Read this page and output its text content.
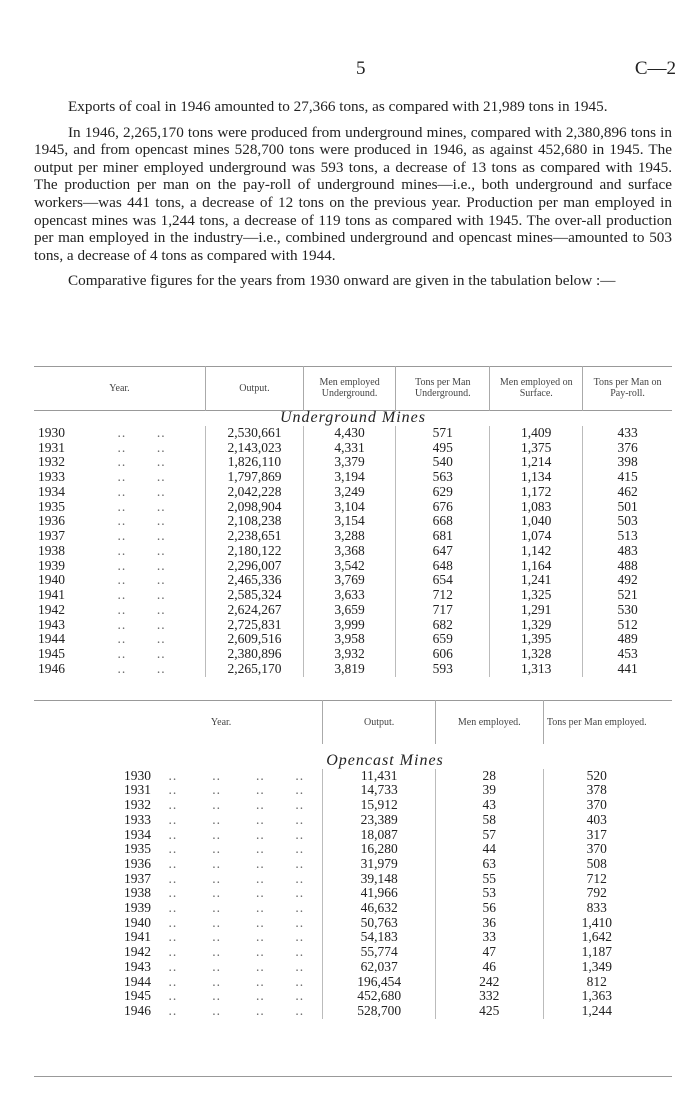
5	C—2

Exports of coal in 1946 amounted to 27,366 tons, as compared with 21,989 tons in 1945.

In 1946, 2,265,170 tons were produced from underground mines, compared with 2,380,896 tons in 1945, and from opencast mines 528,700 tons were produced in 1946, as against 452,680 in 1945. The output per miner employed underground was 593 tons, a decrease of 13 tons as compared with 1945. The production per man on the pay-roll of underground mines—i.e., both underground and surface workers—was 441 tons, a decrease of 12 tons on the previous year. Production per man employed in opencast mines was 1,244 tons, a decrease of 119 tons as compared with 1945. The over-all production per man employed in the industry—i.e., combined underground and opencast mines—amounted to 503 tons, a decrease of 4 tons as compared with 1944.

Comparative figures for the years from 1930 onward are given in the tabulation below :—

Year.	Output.	Men employed Underground.	Tons per Man Underground.	Men employed on Surface.	Tons per Man on Pay-roll.
Underground Mines					
1930            ..       ..	2,530,661	4,430	571	1,409	433
1931            ..       ..	2,143,023	4,331	495	1,375	376
1932            ..       ..	1,826,110	3,379	540	1,214	398
1933            ..       ..	1,797,869	3,194	563	1,134	415
1934            ..       ..	2,042,228	3,249	629	1,172	462
1935            ..       ..	2,098,904	3,104	676	1,083	501
1936            ..       ..	2,108,238	3,154	668	1,040	503
1937            ..       ..	2,238,651	3,288	681	1,074	513
1938            ..       ..	2,180,122	3,368	647	1,142	483
1939            ..       ..	2,296,007	3,542	648	1,164	488
1940            ..       ..	2,465,336	3,769	654	1,241	492
1941            ..       ..	2,585,324	3,633	712	1,325	521
1942            ..       ..	2,624,267	3,659	717	1,291	530
1943            ..       ..	2,725,831	3,999	682	1,329	512
1944            ..       ..	2,609,516	3,958	659	1,395	489
1945            ..       ..	2,380,896	3,932	606	1,328	453
1946            ..       ..	2,265,170	3,819	593	1,313	441
Year.	Output.	Men employed.	Tons per Man employed.
Opencast Mines			
1930    ..        ..        ..       ..	11,431	28	520
1931    ..        ..        ..       ..	14,733	39	378
1932    ..        ..        ..       ..	15,912	43	370
1933    ..        ..        ..       ..	23,389	58	403
1934    ..        ..        ..       ..	18,087	57	317
1935    ..        ..        ..       ..	16,280	44	370
1936    ..        ..        ..       ..	31,979	63	508
1937    ..        ..        ..       ..	39,148	55	712
1938    ..        ..        ..       ..	41,966	53	792
1939    ..        ..        ..       ..	46,632	56	833
1940    ..        ..        ..       ..	50,763	36	1,410
1941    ..        ..        ..       ..	54,183	33	1,642
1942    ..        ..        ..       ..	55,774	47	1,187
1943    ..        ..        ..       ..	62,037	46	1,349
1944    ..        ..        ..       ..	196,454	242	812
1945    ..        ..        ..       ..	452,680	332	1,363
1946    ..        ..        ..       ..	528,700	425	1,244
